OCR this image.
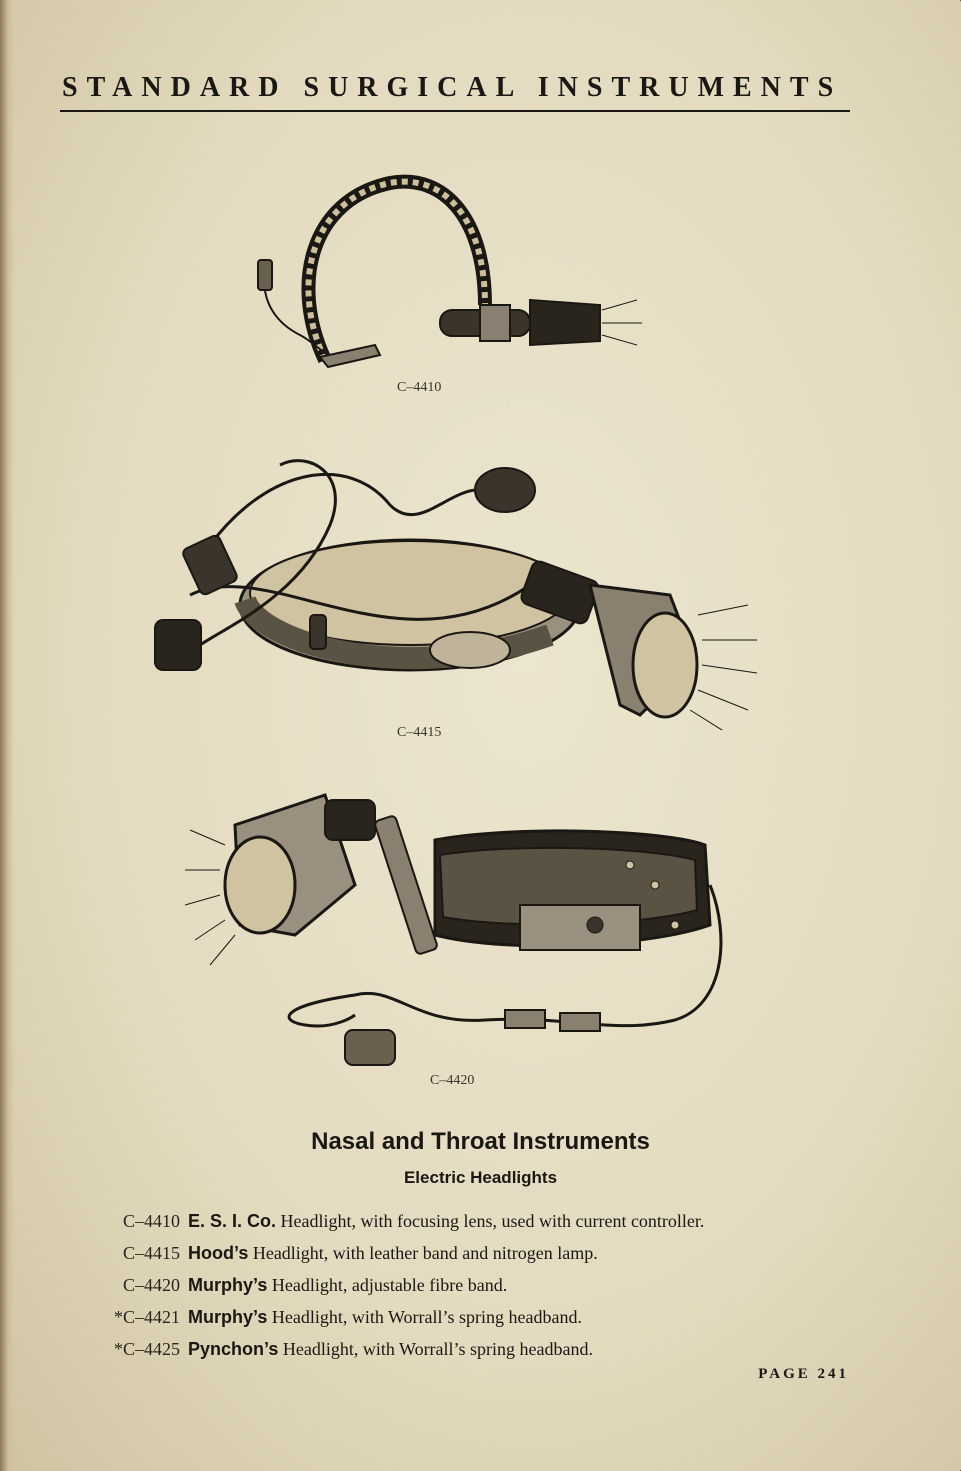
STANDARD SURGICAL INSTRUMENTS
C–4410
C–4415
C–4420
Nasal and Throat Instruments
Electric Headlights
C–4410 E. S. I. Co. Headlight, with focusing lens, used with current controller.
C–4415 Hood’s Headlight, with leather band and nitrogen lamp.
C–4420 Murphy’s Headlight, adjustable fibre band.
*C–4421 Murphy’s Headlight, with Worrall’s spring headband.
*C–4425 Pynchon’s Headlight, with Worrall’s spring headband.
PAGE 241
